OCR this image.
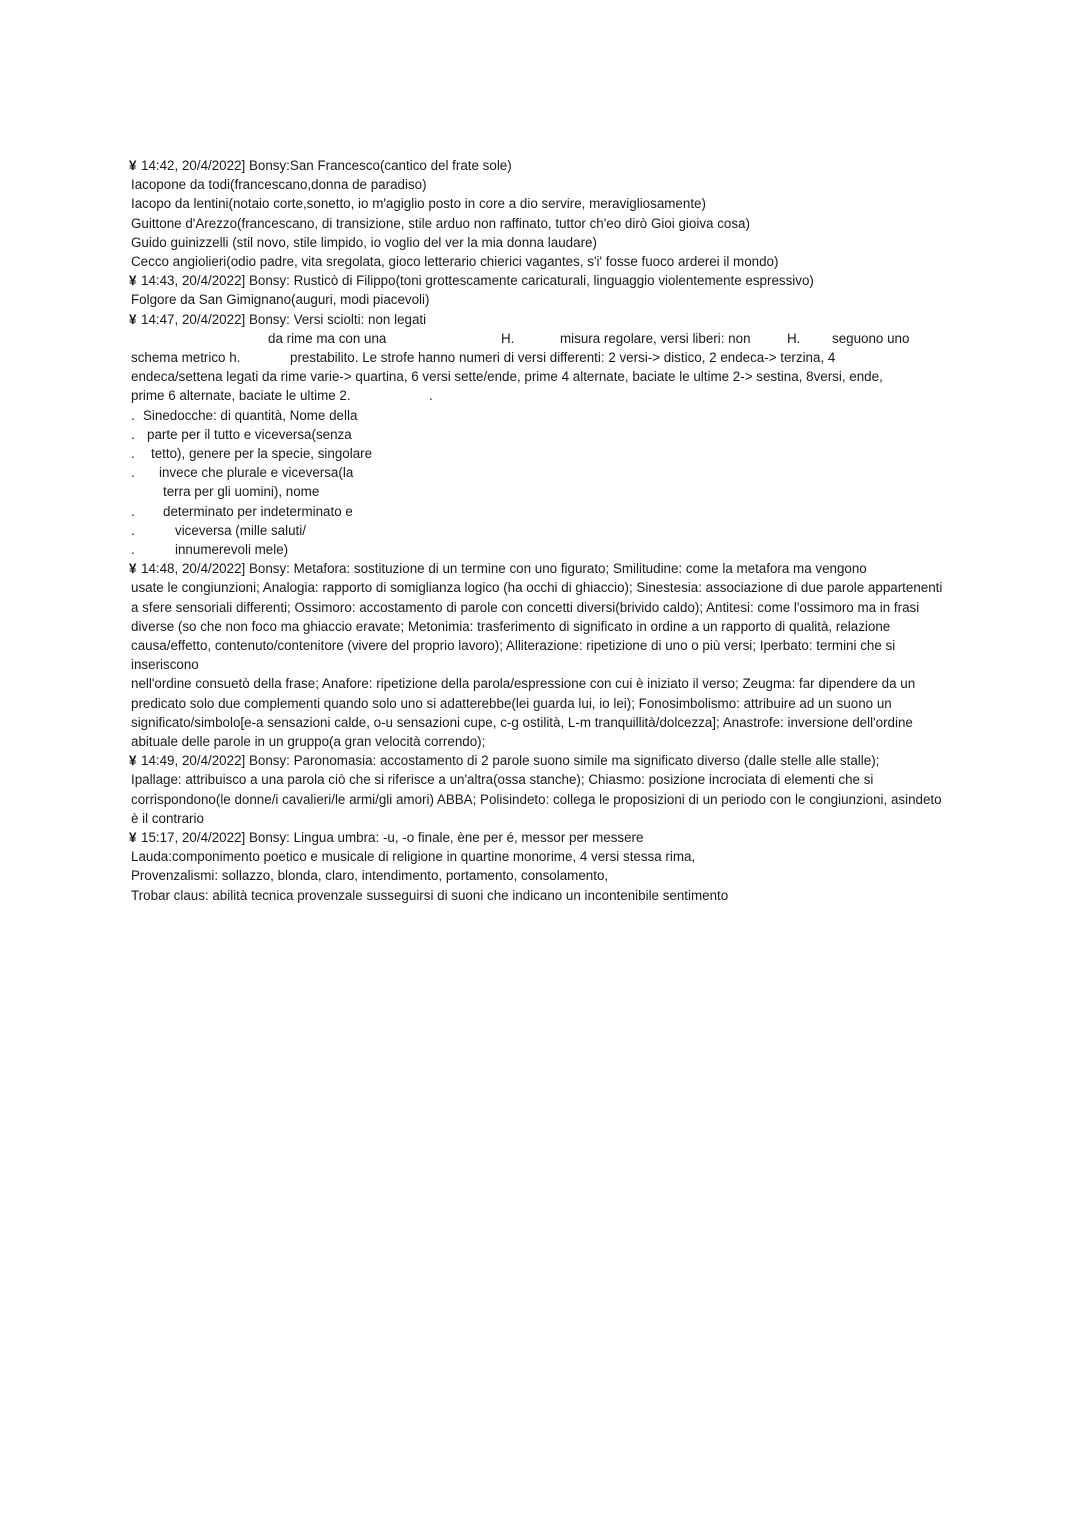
¥ 14:42, 20/4/2022] Bonsy:San Francesco(cantico del frate sole)
Iacopone da todi(francescano,donna de paradiso)
Iacopo da lentini(notaio corte,sonetto, io m'agiglio posto in core a dio servire, meravigliosamente)
Guittone d'Arezzo(francescano, di transizione, stile arduo non raffinato, tuttor ch'eo dirò Gioi gioiva cosa)
Guido guinizzelli (stil novo, stile limpido, io voglio del ver la mia donna laudare)
Cecco angiolieri(odio padre, vita sregolata, gioco letterario chierici vagantes, s'i' fosse fuoco arderei il mondo)
¥ 14:43, 20/4/2022] Bonsy: Rusticò di Filippo(toni grottescamente caricaturali, linguaggio violentemente espressivo)
Folgore da San Gimignano(auguri, modi piacevoli)
¥ 14:47, 20/4/2022] Bonsy: Versi sciolti: non legati
da rime ma con una	H.	misura regolare, versi liberi: non	H. seguono uno
schema metrico h.	prestabilito. Le strofe hanno numeri di versi differenti: 2 versi-> distico, 2 endeca-> terzina, 4
endeca/settena legati da rime varie-> quartina, 6 versi sette/ende, prime 4 alternate, baciate le ultime 2-> sestina, 8versi, ende,
prime 6 alternate, baciate le ultime 2.	.
. Sinedocche: di quantità, Nome della
. parte per il tutto e viceversa(senza
. tetto), genere per la specie, singolare
. invece che plurale e viceversa(la
terra per gli uomini), nome
. determinato per indeterminato e
.	viceversa (mille saluti/
.	innumerevoli mele)
¥ 14:48, 20/4/2022] Bonsy: Metafora: sostituzione di un termine con uno figurato; Smilitudine: come la metafora ma vengono
usate le congiunzioni; Analogia: rapporto di somiglianza logico (ha occhi di ghiaccio); Sinestesia: associazione di due parole appartenenti a sfere sensoriali differenti; Ossimoro: accostamento di parole con concetti diversi(brivido caldo); Antitesi: come l'ossimoro ma in frasi diverse (so che non foco ma ghiaccio eravate; Metonimia: trasferimento di significato in ordine a un rapporto di qualità, relazione causa/effetto, contenuto/contenitore (vivere del proprio lavoro); Alliterazione: ripetizione di uno o più versi; Iperbato: termini che si inseriscono
nell'ordine consuetò della frase; Anafore: ripetizione della parola/espressione con cui è iniziato il verso; Zeugma: far dipendere da un predicato solo due complementi quando solo uno si adatterebbe(lei guarda lui, io lei); Fonosimbolismo: attribuire ad un suono un significato/simbolo[e-a sensazioni calde, o-u sensazioni cupe, c-g ostilità, L-m tranquillità/dolcezza]; Anastrofe: inversione dell'ordine abituale delle parole in un gruppo(a gran velocità correndo);
¥ 14:49, 20/4/2022] Bonsy: Paronomasia: accostamento di 2 parole suono simile ma significato diverso (dalle stelle alle stalle);
Ipallage: attribuisco a una parola ciò che si riferisce a un'altra(ossa stanche); Chiasmo: posizione incrociata di elementi che si corrispondono(le donne/i cavalieri/le armi/gli amori) ABBA; Polisindeto: collega le proposizioni di un periodo con le congiunzioni, asindeto è il contrario
¥ 15:17, 20/4/2022] Bonsy: Lingua umbra: -u, -o finale, ène per é, messor per messere
Lauda:componimento poetico e musicale di religione in quartine monorime, 4 versi stessa rima,
Provenzalismi: sollazzo, blonda, claro, intendimento, portamento, consolamento,
Trobar claus: abilità tecnica provenzale susseguirsi di suoni che indicano un incontenibile sentimento
